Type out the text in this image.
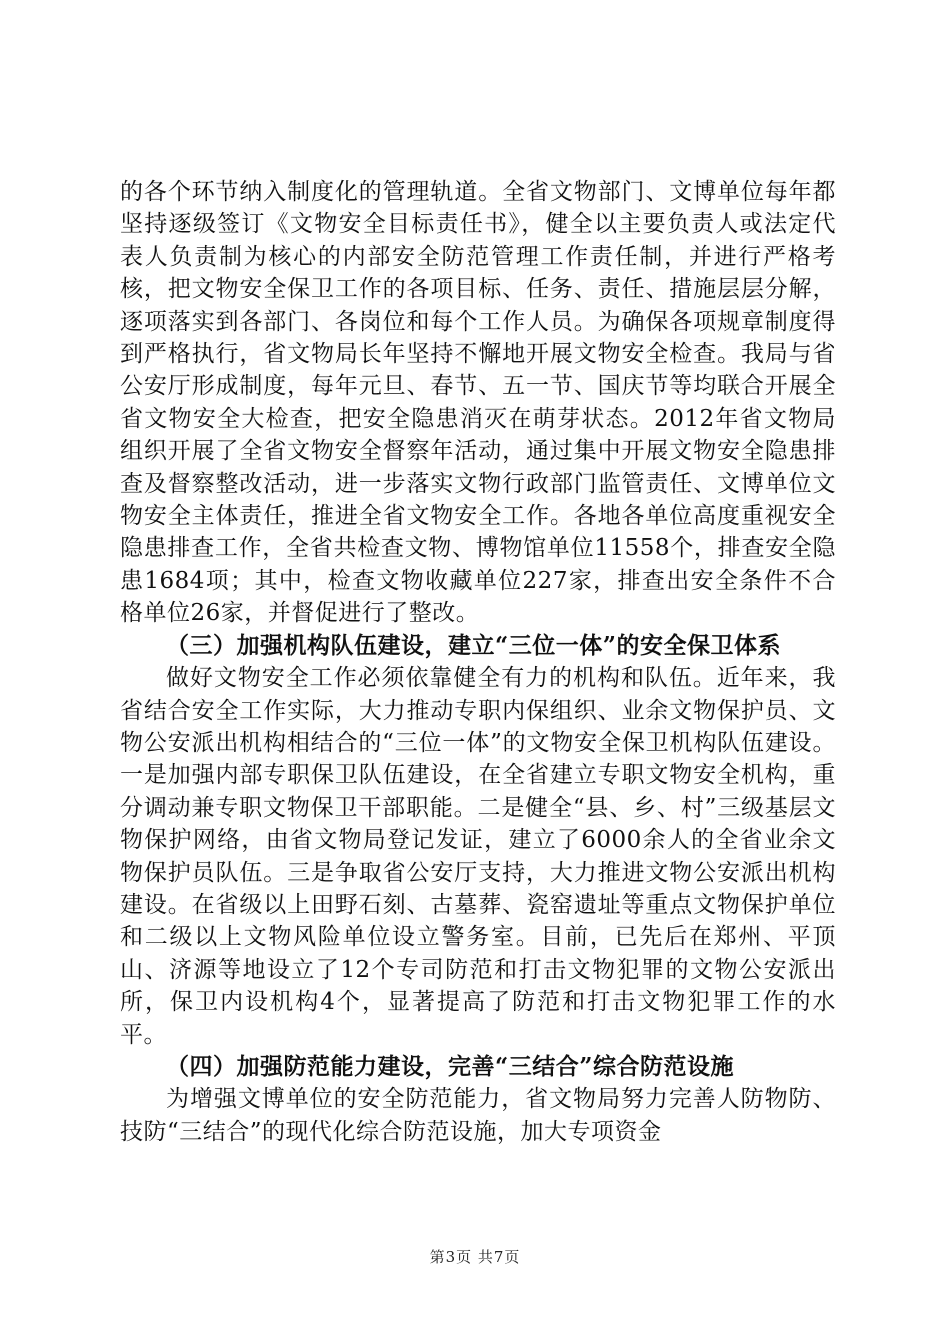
的各个环节纳入制度化的管理轨道。全省文物部门、文博单位每年都坚持逐级签订《文物安全目标责任书》，健全以主要负责人或法定代表人负责制为核心的内部安全防范管理工作责任制，并进行严格考核，把文物安全保卫工作的各项目标、任务、责任、措施层层分解，逐项落实到各部门、各岗位和每个工作人员。为确保各项规章制度得到严格执行，省文物局长年坚持不懈地开展文物安全检查。我局与省公安厅形成制度，每年元旦、春节、五一节、国庆节等均联合开展全省文物安全大检查，把安全隐患消灭在萌芽状态。2012年省文物局组织开展了全省文物安全督察年活动，通过集中开展文物安全隐患排查及督察整改活动，进一步落实文物行政部门监管责任、文博单位文物安全主体责任，推进全省文物安全工作。各地各单位高度重视安全隐患排查工作，全省共检查文物、博物馆单位11558个，排查安全隐患1684项；其中，检查文物收藏单位227家，排查出安全条件不合格单位26家，并督促进行了整改。

（三）加强机构队伍建设，建立“三位一体”的安全保卫体系

做好文物安全工作必须依靠健全有力的机构和队伍。近年来，我省结合安全工作实际，大力推动专职内保组织、业余文物保护员、文物公安派出机构相结合的“三位一体”的文物安全保卫机构队伍建设。一是加强内部专职保卫队伍建设，在全省建立专职文物安全机构，重分调动兼专职文物保卫干部职能。二是健全“县、乡、村”三级基层文物保护网络，由省文物局登记发证，建立了6000余人的全省业余文物保护员队伍。三是争取省公安厅支持，大力推进文物公安派出机构建设。在省级以上田野石刻、古墓葬、瓷窑遗址等重点文物保护单位和二级以上文物风险单位设立警务室。目前，已先后在郑州、平顶山、济源等地设立了12个专司防范和打击文物犯罪的文物公安派出所，保卫内设机构4个，显著提高了防范和打击文物犯罪工作的水平。

（四）加强防范能力建设，完善“三结合”综合防范设施

为增强文博单位的安全防范能力，省文物局努力完善人防物防、技防“三结合”的现代化综合防范设施，加大专项资金

第3页 共7页
